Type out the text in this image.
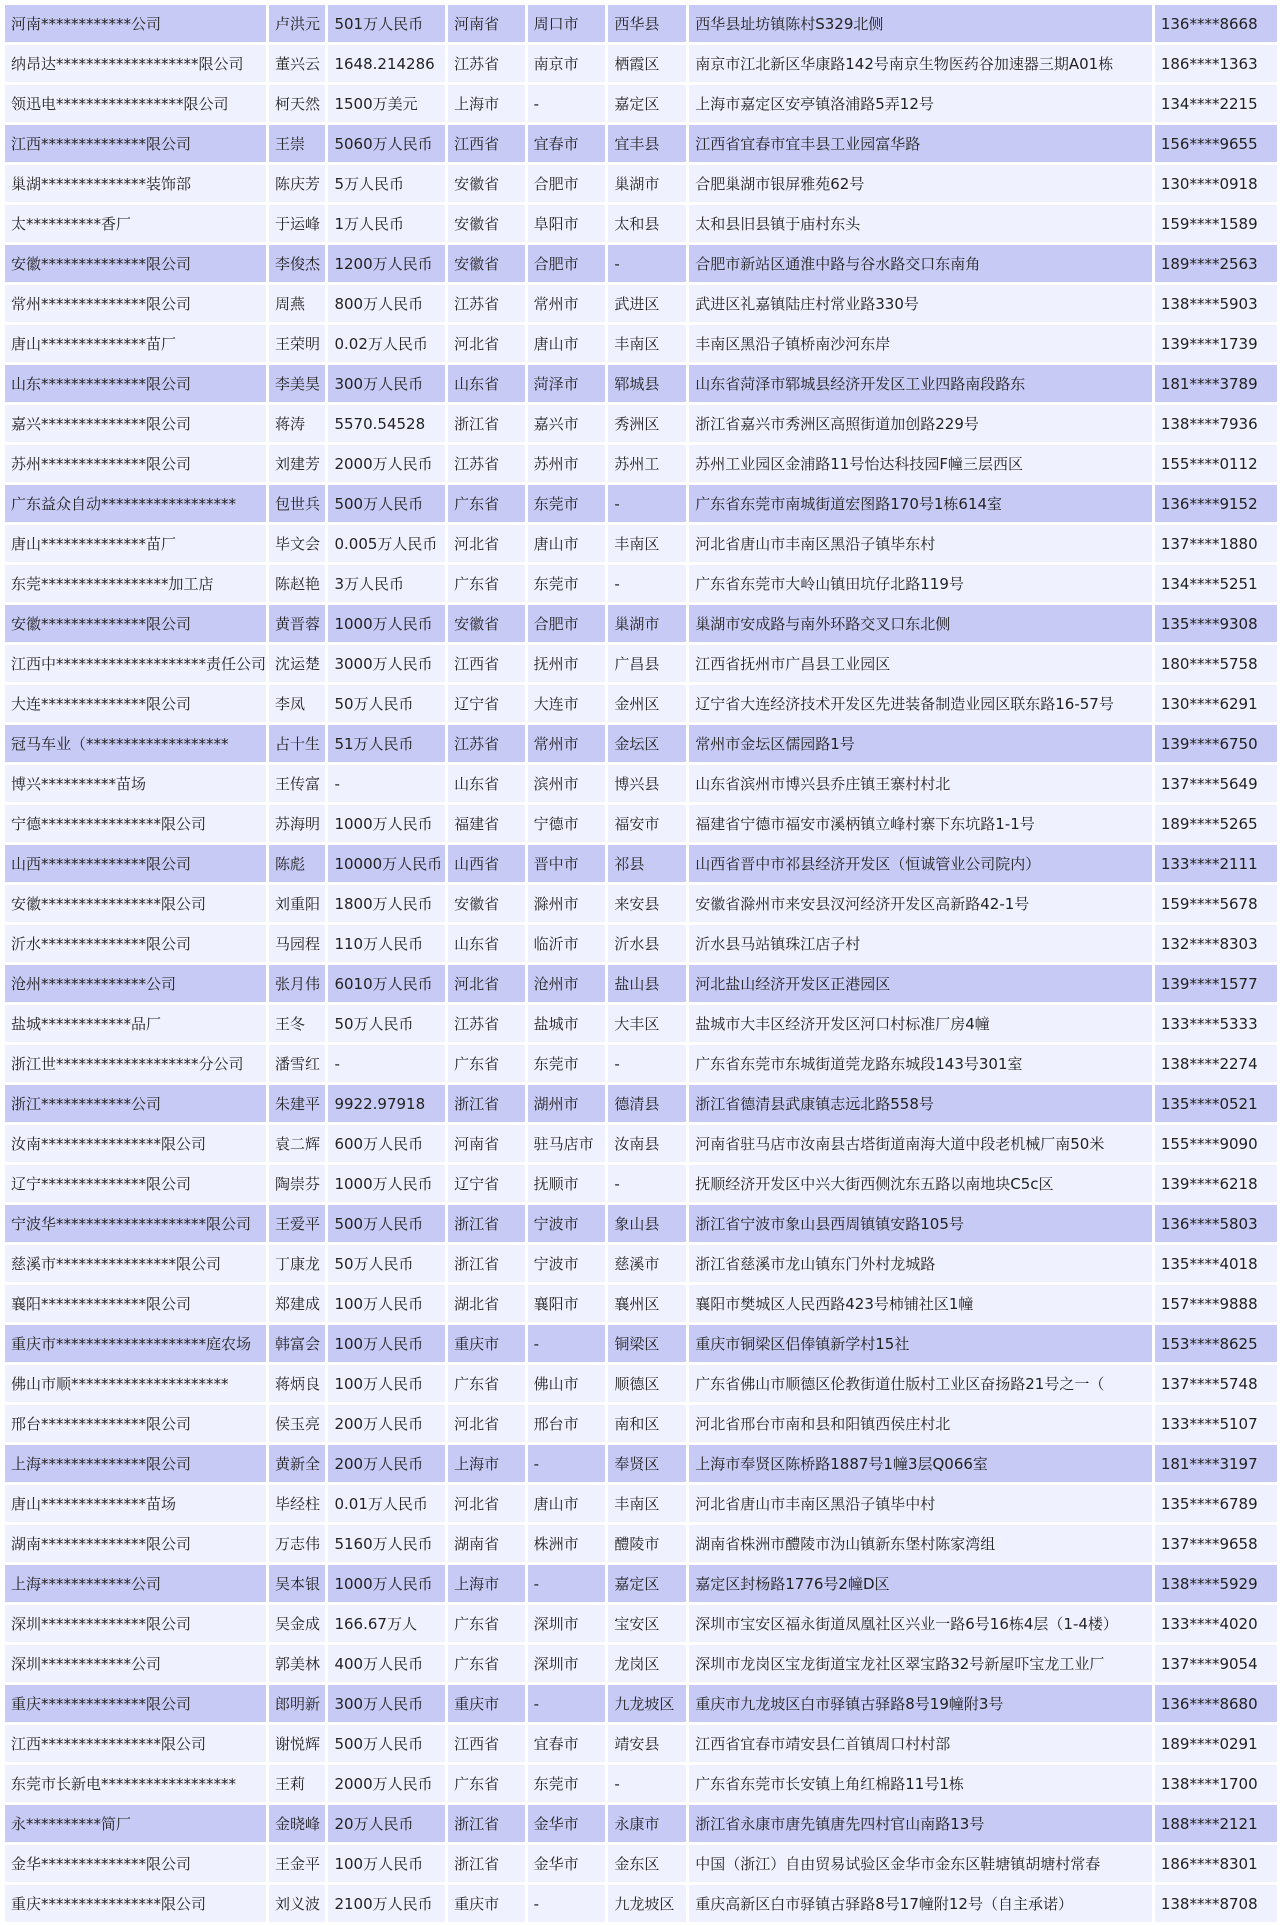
河南************公司	卢洪元	501万人民币	河南省	周口市	西华县	西华县址坊镇陈村S329北侧	136****8668
纳昂达*******************限公司	董兴云	1648.214286	江苏省	南京市	栖霞区	南京市江北新区华康路142号南京生物医药谷加速器三期A01栋	186****1363
领迅电*****************限公司	柯天然	1500万美元	上海市	-	嘉定区	上海市嘉定区安亭镇洛浦路5弄12号	134****2215
江西**************限公司	王崇	5060万人民币	江西省	宜春市	宜丰县	江西省宜春市宜丰县工业园富华路	156****9655
巢湖**************装饰部	陈庆芳	5万人民币	安徽省	合肥市	巢湖市	合肥巢湖市银屏雅苑62号	130****0918
太**********香厂	于运峰	1万人民币	安徽省	阜阳市	太和县	太和县旧县镇于庙村东头	159****1589
安徽**************限公司	李俊杰	1200万人民币	安徽省	合肥市	-	合肥市新站区通淮中路与谷水路交口东南角	189****2563
常州**************限公司	周燕	800万人民币	江苏省	常州市	武进区	武进区礼嘉镇陆庄村常业路330号	138****5903
唐山**************苗厂	王荣明	0.02万人民币	河北省	唐山市	丰南区	丰南区黑沿子镇桥南沙河东岸	139****1739
山东**************限公司	李美昊	300万人民币	山东省	菏泽市	郓城县	山东省菏泽市郓城县经济开发区工业四路南段路东	181****3789
嘉兴**************限公司	蒋涛	5570.54528	浙江省	嘉兴市	秀洲区	浙江省嘉兴市秀洲区高照街道加创路229号	138****7936
苏州**************限公司	刘建芳	2000万人民币	江苏省	苏州市	苏州工	苏州工业园区金浦路11号怡达科技园F幢三层西区	155****0112
广东益众自动******************	包世兵	500万人民币	广东省	东莞市	-	广东省东莞市南城街道宏图路170号1栋614室	136****9152
唐山**************苗厂	毕文会	0.005万人民币	河北省	唐山市	丰南区	河北省唐山市丰南区黑沿子镇毕东村	137****1880
东莞*****************加工店	陈赵艳	3万人民币	广东省	东莞市	-	广东省东莞市大岭山镇田坑仔北路119号	134****5251
安徽**************限公司	黄晋蓉	1000万人民币	安徽省	合肥市	巢湖市	巢湖市安成路与南外环路交叉口东北侧	135****9308
江西中********************责任公司	沈运楚	3000万人民币	江西省	抚州市	广昌县	江西省抚州市广昌县工业园区	180****5758
大连**************限公司	李凤	50万人民币	辽宁省	大连市	金州区	辽宁省大连经济技术开发区先进装备制造业园区联东路16-57号	130****6291
冠马车业（*******************	占十生	51万人民币	江苏省	常州市	金坛区	常州市金坛区儒园路1号	139****6750
博兴**********苗场	王传富	-	山东省	滨州市	博兴县	山东省滨州市博兴县乔庄镇王寨村村北	137****5649
宁德****************限公司	苏海明	1000万人民币	福建省	宁德市	福安市	福建省宁德市福安市溪柄镇立峰村寨下东坑路1-1号	189****5265
山西**************限公司	陈彪	10000万人民币	山西省	晋中市	祁县	山西省晋中市祁县经济开发区（恒诚管业公司院内）	133****2111
安徽****************限公司	刘重阳	1800万人民币	安徽省	滁州市	来安县	安徽省滁州市来安县汊河经济开发区高新路42-1号	159****5678
沂水**************限公司	马园程	110万人民币	山东省	临沂市	沂水县	沂水县马站镇珠江店子村	132****8303
沧州**************公司	张月伟	6010万人民币	河北省	沧州市	盐山县	河北盐山经济开发区正港园区	139****1577
盐城************品厂	王冬	50万人民币	江苏省	盐城市	大丰区	盐城市大丰区经济开发区河口村标准厂房4幢	133****5333
浙江世*******************分公司	潘雪红	-	广东省	东莞市	-	广东省东莞市东城街道莞龙路东城段143号301室	138****2274
浙江************公司	朱建平	9922.97918	浙江省	湖州市	德清县	浙江省德清县武康镇志远北路558号	135****0521
汝南****************限公司	袁二辉	600万人民币	河南省	驻马店市	汝南县	河南省驻马店市汝南县古塔街道南海大道中段老机械厂南50米	155****9090
辽宁**************限公司	陶崇芬	1000万人民币	辽宁省	抚顺市	-	抚顺经济开发区中兴大街西侧沈东五路以南地块C5c区	139****6218
宁波华********************限公司	王爱平	500万人民币	浙江省	宁波市	象山县	浙江省宁波市象山县西周镇镇安路105号	136****5803
慈溪市****************限公司	丁康龙	50万人民币	浙江省	宁波市	慈溪市	浙江省慈溪市龙山镇东门外村龙城路	135****4018
襄阳**************限公司	郑建成	100万人民币	湖北省	襄阳市	襄州区	襄阳市樊城区人民西路423号柿铺社区1幢	157****9888
重庆市********************庭农场	韩富会	100万人民币	重庆市	-	铜梁区	重庆市铜梁区侣俸镇新学村15社	153****8625
佛山市顺*********************	蒋炳良	100万人民币	广东省	佛山市	顺德区	广东省佛山市顺德区伦教街道仕版村工业区奋扬路21号之一（	137****5748
邢台**************限公司	侯玉亮	200万人民币	河北省	邢台市	南和区	河北省邢台市南和县和阳镇西侯庄村北	133****5107
上海**************限公司	黄新全	200万人民币	上海市	-	奉贤区	上海市奉贤区陈桥路1887号1幢3层Q066室	181****3197
唐山**************苗场	毕经柱	0.01万人民币	河北省	唐山市	丰南区	河北省唐山市丰南区黑沿子镇毕中村	135****6789
湖南**************限公司	万志伟	5160万人民币	湖南省	株洲市	醴陵市	湖南省株洲市醴陵市沩山镇新东堡村陈家湾组	137****9658
上海************公司	吴本银	1000万人民币	上海市	-	嘉定区	嘉定区封杨路1776号2幢D区	138****5929
深圳**************限公司	吴金成	166.67万人	广东省	深圳市	宝安区	深圳市宝安区福永街道凤凰社区兴业一路6号16栋4层（1-4楼）	133****4020
深圳************公司	郭美林	400万人民币	广东省	深圳市	龙岗区	深圳市龙岗区宝龙街道宝龙社区翠宝路32号新屋吓宝龙工业厂	137****9054
重庆**************限公司	郎明新	300万人民币	重庆市	-	九龙坡区	重庆市九龙坡区白市驿镇古驿路8号19幢附3号	136****8680
江西****************限公司	谢悦辉	500万人民币	江西省	宜春市	靖安县	江西省宜春市靖安县仁首镇周口村村部	189****0291
东莞市长新电******************	王莉	2000万人民币	广东省	东莞市	-	广东省东莞市长安镇上角红棉路11号1栋	138****1700
永**********简厂	金晓峰	20万人民币	浙江省	金华市	永康市	浙江省永康市唐先镇唐先四村官山南路13号	188****2121
金华**************限公司	王金平	100万人民币	浙江省	金华市	金东区	中国（浙江）自由贸易试验区金华市金东区鞋塘镇胡塘村常春	186****8301
重庆****************限公司	刘义波	2100万人民币	重庆市	-	九龙坡区	重庆高新区白市驿镇古驿路8号17幢附12号（自主承诺）	138****8708
